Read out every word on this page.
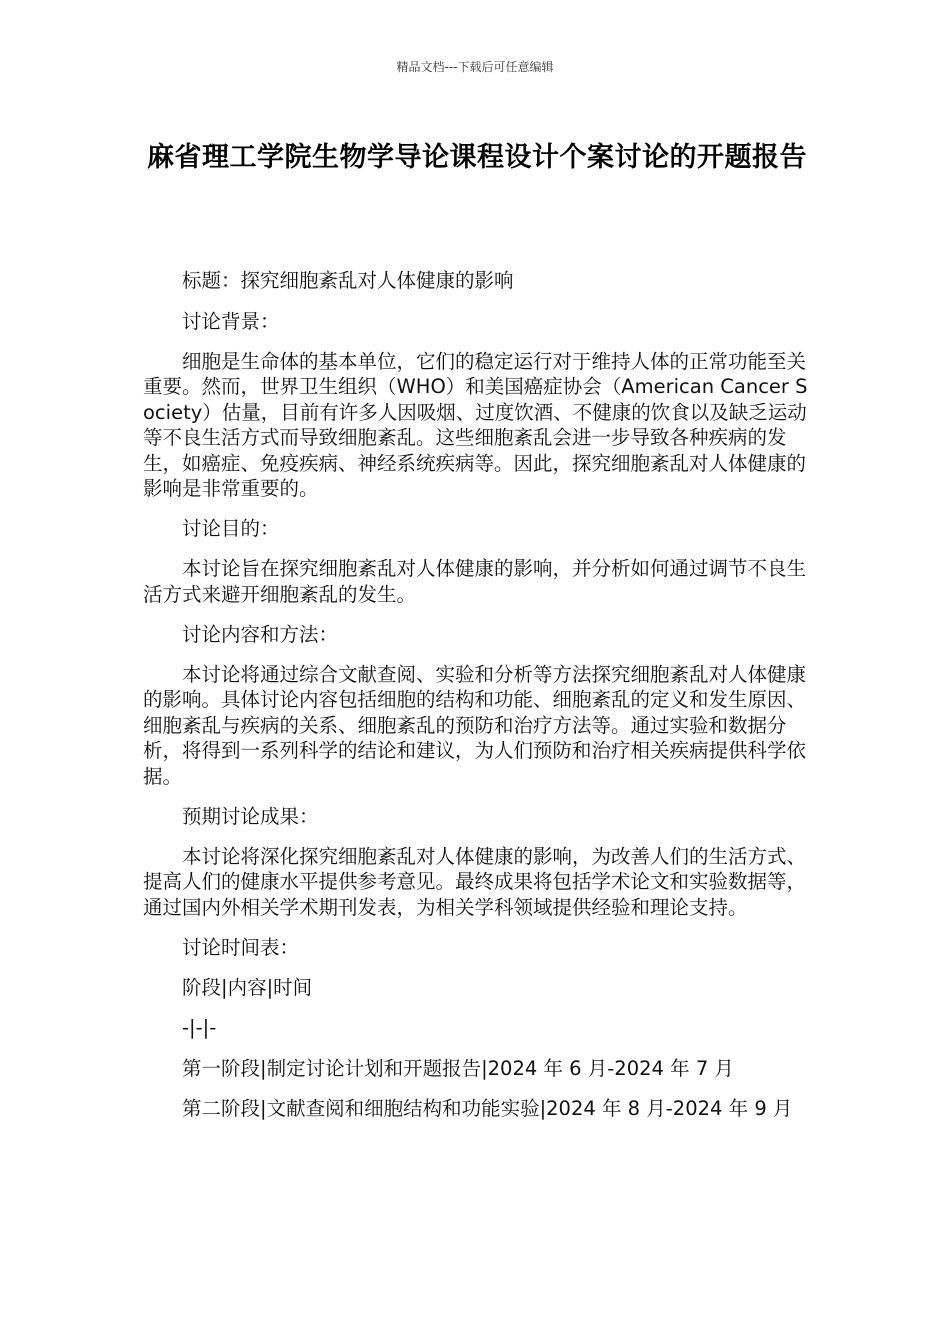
精品文档---下载后可任意编辑
麻省理工学院生物学导论课程设计个案讨论的开题报告

标题：探究细胞紊乱对人体健康的影响

讨论背景：

细胞是生命体的基本单位，它们的稳定运行对于维持人体的正常功能至关重要。然而，世界卫生组织（WHO）和美国癌症协会（American Cancer Society）估量，目前有许多人因吸烟、过度饮酒、不健康的饮食以及缺乏运动等不良生活方式而导致细胞紊乱。这些细胞紊乱会进一步导致各种疾病的发生，如癌症、免疫疾病、神经系统疾病等。因此，探究细胞紊乱对人体健康的影响是非常重要的。

讨论目的：

本讨论旨在探究细胞紊乱对人体健康的影响，并分析如何通过调节不良生活方式来避开细胞紊乱的发生。

讨论内容和方法：

本讨论将通过综合文献查阅、实验和分析等方法探究细胞紊乱对人体健康的影响。具体讨论内容包括细胞的结构和功能、细胞紊乱的定义和发生原因、细胞紊乱与疾病的关系、细胞紊乱的预防和治疗方法等。通过实验和数据分析，将得到一系列科学的结论和建议，为人们预防和治疗相关疾病提供科学依据。

预期讨论成果：

本讨论将深化探究细胞紊乱对人体健康的影响，为改善人们的生活方式、提高人们的健康水平提供参考意见。最终成果将包括学术论文和实验数据等，通过国内外相关学术期刊发表，为相关学科领域提供经验和理论支持。

讨论时间表：

阶段|内容|时间

-|-|-

第一阶段|制定讨论计划和开题报告|2024 年 6 月-2024 年 7 月

第二阶段|文献查阅和细胞结构和功能实验|2024 年 8 月-2024 年 9 月
